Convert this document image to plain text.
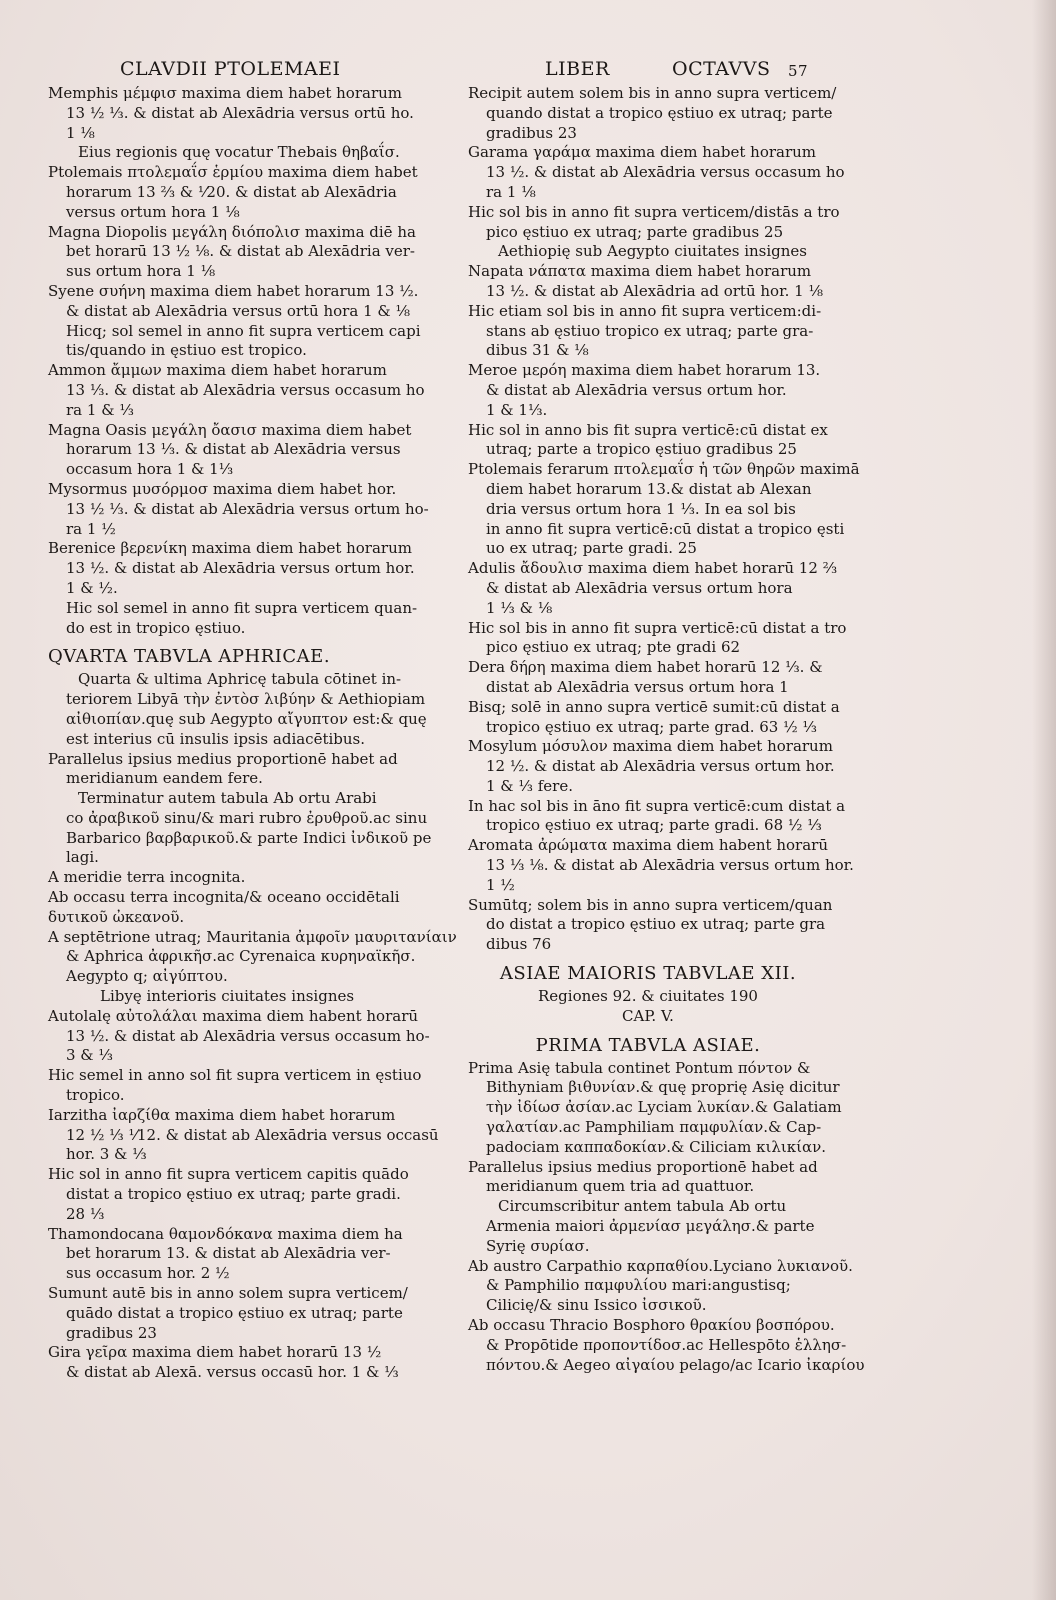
CLAVDII PTOLEMAEI	LIBER	OCTAVVS 57
Memphis μέμφισ maxima diem habet horarum
13 ½ ⅓. & distat ab Alexādria versus ortū ho.
1 ⅛
Eius regionis quę vocatur Thebais θηβαΐσ.
Ptolemais πτολεμαΐσ ἑρμίου maxima diem habet
horarum 13 ⅔ & ⅟20. & distat ab Alexādria
versus ortum hora 1 ⅛
Magna Diopolis μεγάλη διόπολισ maxima diē ha
bet horarū 13 ½ ⅛. & distat ab Alexādria ver-
sus ortum hora 1 ⅛
Syene συήνη maxima diem habet horarum 13 ½.
& distat ab Alexādria versus ortū hora 1 & ⅛
Hicq; sol semel in anno fit supra verticem capi
tis/quando in ęstiuo est tropico.
Ammon ἄμμων maxima diem habet horarum
13 ⅓. & distat ab Alexādria versus occasum ho
ra 1 & ⅓
Magna Oasis μεγάλη ὄασισ maxima diem habet
horarum 13 ⅓. & distat ab Alexādria versus
occasum hora 1 & 1⅓
Mysormus μυσόρμοσ maxima diem habet hor.
13 ½ ⅓. & distat ab Alexādria versus ortum ho-
ra 1 ½
Berenice βερενίκη maxima diem habet horarum
13 ½. & distat ab Alexādria versus ortum hor.
1 & ½.
Hic sol semel in anno fit supra verticem quan-
do est in tropico ęstiuo.
QVARTA TABVLA APHRICAE.
Quarta & ultima Aphricę tabula cōtinet in-
teriorem Libyā τὴν ἐντὸσ λιβύην & Aethiopiam
αἰθιοπίαν.quę sub Aegypto αἴγυπτον est:& quę
est interius cū insulis ipsis adiacētibus.
Parallelus ipsius medius proportionē habet ad
meridianum eandem fere.
Terminatur autem tabula Ab ortu Arabi
co ἀραβικοῦ sinu/& mari rubro ἐρυθροῦ.ac sinu
Barbarico βαρβαρικοῦ.& parte Indici ἰνδικοῦ pe
lagi.
A meridie terra incognita.
Ab occasu terra incognita/& oceano occidētali
δυτικοῦ ὠκεανοῦ.
A septētrione utraq; Mauritania ἀμφοῖν μαυριτανίαιν
& Aphrica ἀφρικῆσ.ac Cyrenaica κυρηναϊκῆσ.
Aegypto q; αἰγύπτου.
Libyę interioris ciuitates insignes
Autolalę αὐτολάλαι maxima diem habent horarū
13 ½. & distat ab Alexādria versus occasum ho-
3 & ⅓
Hic semel in anno sol fit supra verticem in ęstiuo
tropico.
Iarzitha ἰαρζίθα maxima diem habet horarum
12 ½ ⅓ ⅟12. & distat ab Alexādria versus occasū
hor. 3 & ⅓
Hic sol in anno fit supra verticem capitis quādo
distat a tropico ęstiuo ex utraq; parte gradi.
28 ⅓
Thamondocana θαμονδόκανα maxima diem ha
bet horarum 13. & distat ab Alexādria ver-
sus occasum hor. 2 ½
Sumunt autē bis in anno solem supra verticem/
quādo distat a tropico ęstiuo ex utraq; parte
gradibus 23
Gira γεῖρα maxima diem habet horarū 13 ½
& distat ab Alexā. versus occasū hor. 1 & ⅓
Recipit autem solem bis in anno supra verticem/
quando distat a tropico ęstiuo ex utraq; parte
gradibus 23
Garama γαράμα maxima diem habet horarum
13 ½. & distat ab Alexādria versus occasum ho
ra 1 ⅛
Hic sol bis in anno fit supra verticem/distās a tro
pico ęstiuo ex utraq; parte gradibus 25
Aethiopię sub Aegypto ciuitates insignes
Napata νάπατα maxima diem habet horarum
13 ½. & distat ab Alexādria ad ortū hor. 1 ⅛
Hic etiam sol bis in anno fit supra verticem:di-
stans ab ęstiuo tropico ex utraq; parte gra-
dibus 31 & ⅛
Meroe μερόη maxima diem habet horarum 13.
& distat ab Alexādria versus ortum hor.
1 & 1⅓.
Hic sol in anno bis fit supra verticē:cū distat ex
utraq; parte a tropico ęstiuo gradibus 25
Ptolemais ferarum πτολεμαΐσ ἡ τῶν θηρῶν maximā
diem habet horarum 13.& distat ab Alexan
dria versus ortum hora 1 ⅓. In ea sol bis
in anno fit supra verticē:cū distat a tropico ęsti
uo ex utraq; parte gradi. 25
Adulis ἄδουλισ maxima diem habet horarū 12 ⅔
& distat ab Alexādria versus ortum hora
1 ⅓ & ⅛
Hic sol bis in anno fit supra verticē:cū distat a tro
pico ęstiuo ex utraq; pte gradi 62
Dera δήρη maxima diem habet horarū 12 ⅓. &
distat ab Alexādria versus ortum hora 1
Bisq; solē in anno supra verticē sumit:cū distat a
tropico ęstiuo ex utraq; parte grad. 63 ½ ⅓
Mosylum μόσυλον maxima diem habet horarum
12 ½. & distat ab Alexādria versus ortum hor.
1 & ⅓ fere.
In hac sol bis in āno fit supra verticē:cum distat a
tropico ęstiuo ex utraq; parte gradi. 68 ½ ⅓
Aromata ἀρώματα maxima diem habent horarū
13 ⅓ ⅛. & distat ab Alexādria versus ortum hor.
1 ½
Sumūtq; solem bis in anno supra verticem/quan
do distat a tropico ęstiuo ex utraq; parte gra
dibus 76
ASIAE MAIORIS TABVLAE XII.
Regiones 92. & ciuitates 190
CAP. V.
PRIMA TABVLA ASIAE.
Prima Asię tabula continet Pontum πόντον &
Bithyniam βιθυνίαν.& quę proprię Asię dicitur
τὴν ἰδίωσ ἀσίαν.ac Lyciam λυκίαν.& Galatiam
γαλατίαν.ac Pamphiliam παμφυλίαν.& Cap-
padociam καππαδοκίαν.& Ciliciam κιλικίαν.
Parallelus ipsius medius proportionē habet ad
meridianum quem tria ad quattuor.
Circumscribitur antem tabula Ab ortu
Armenia maiori ἀρμενίασ μεγάλησ.& parte
Syrię συρίασ.
Ab austro Carpathio καρπαθίου.Lyciano λυκιανοῦ.
& Pamphilio παμφυλίου mari:angustisq;
Cilicię/& sinu Issico ἰσσικοῦ.
Ab occasu Thracio Bosphoro θρακίου βοσπόρου.
& Propōtide προποντίδοσ.ac Hellespōto ἑλλησ-
πόντου.& Aegeo αἰγαίου pelago/ac Icario ἰκαρίου
